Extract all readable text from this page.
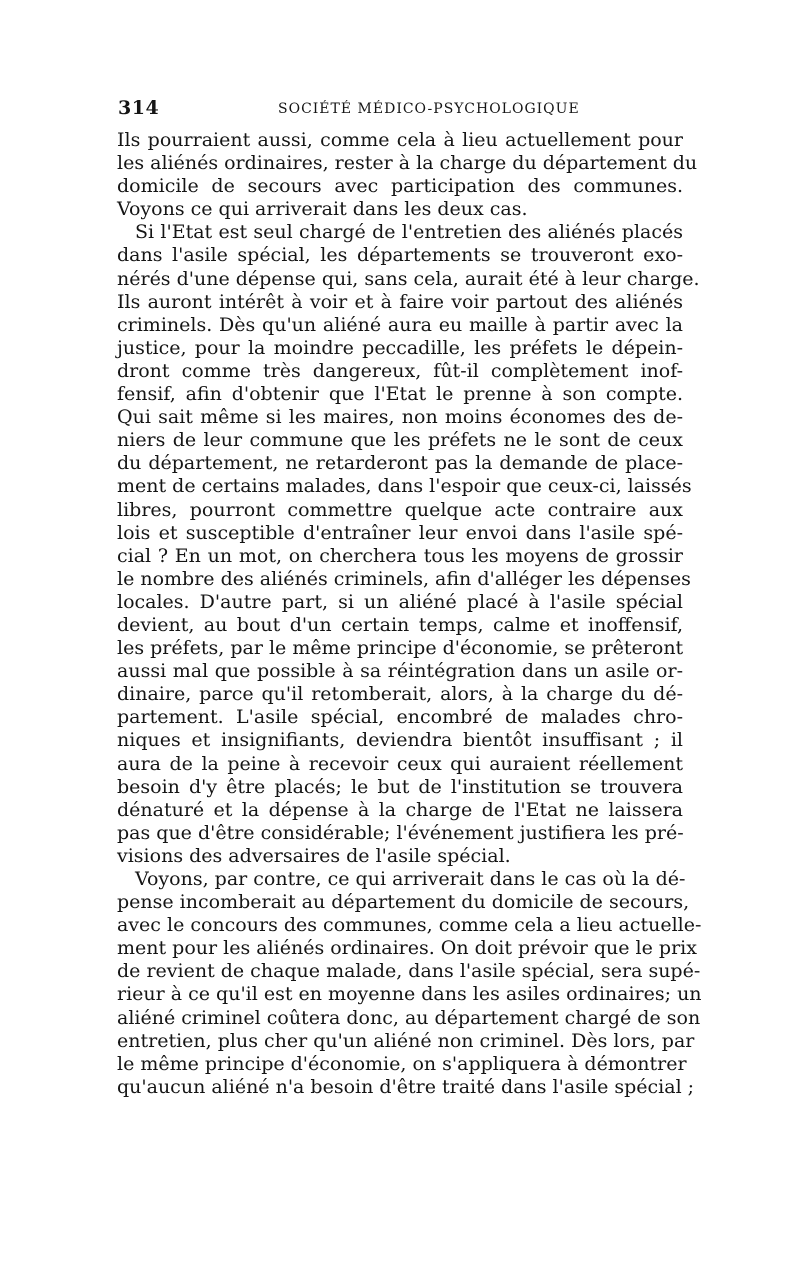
314	SOCIÉTÉ MÉDICO-PSYCHOLOGIQUE
Ils pourraient aussi, comme cela à lieu actuellement pour
les aliénés ordinaires, rester à la charge du département du
domicile de secours avec participation des communes.
Voyons ce qui arriverait dans les deux cas.
Si l'Etat est seul chargé de l'entretien des aliénés placés
dans l'asile spécial, les départements se trouveront exo-
nérés d'une dépense qui, sans cela, aurait été à leur charge.
Ils auront intérêt à voir et à faire voir partout des aliénés
criminels. Dès qu'un aliéné aura eu maille à partir avec la
justice, pour la moindre peccadille, les préfets le dépein-
dront comme très dangereux, fût-il complètement inof-
fensif, afin d'obtenir que l'Etat le prenne à son compte.
Qui sait même si les maires, non moins économes des de-
niers de leur commune que les préfets ne le sont de ceux
du département, ne retarderont pas la demande de place-
ment de certains malades, dans l'espoir que ceux-ci, laissés
libres, pourront commettre quelque acte contraire aux
lois et susceptible d'entraîner leur envoi dans l'asile spé-
cial ? En un mot, on cherchera tous les moyens de grossir
le nombre des aliénés criminels, afin d'alléger les dépenses
locales. D'autre part, si un aliéné placé à l'asile spécial
devient, au bout d'un certain temps, calme et inoffensif,
les préfets, par le même principe d'économie, se prêteront
aussi mal que possible à sa réintégration dans un asile or-
dinaire, parce qu'il retomberait, alors, à la charge du dé-
partement. L'asile spécial, encombré de malades chro-
niques et insignifiants, deviendra bientôt insuffisant ; il
aura de la peine à recevoir ceux qui auraient réellement
besoin d'y être placés; le but de l'institution se trouvera
dénaturé et la dépense à la charge de l'Etat ne laissera
pas que d'être considérable; l'événement justifiera les pré-
visions des adversaires de l'asile spécial.
Voyons, par contre, ce qui arriverait dans le cas où la dé-
pense incomberait au département du domicile de secours,
avec le concours des communes, comme cela a lieu actuelle-
ment pour les aliénés ordinaires. On doit prévoir que le prix
de revient de chaque malade, dans l'asile spécial, sera supé-
rieur à ce qu'il est en moyenne dans les asiles ordinaires; un
aliéné criminel coûtera donc, au département chargé de son
entretien, plus cher qu'un aliéné non criminel. Dès lors, par
le même principe d'économie, on s'appliquera à démontrer
qu'aucun aliéné n'a besoin d'être traité dans l'asile spécial ;
